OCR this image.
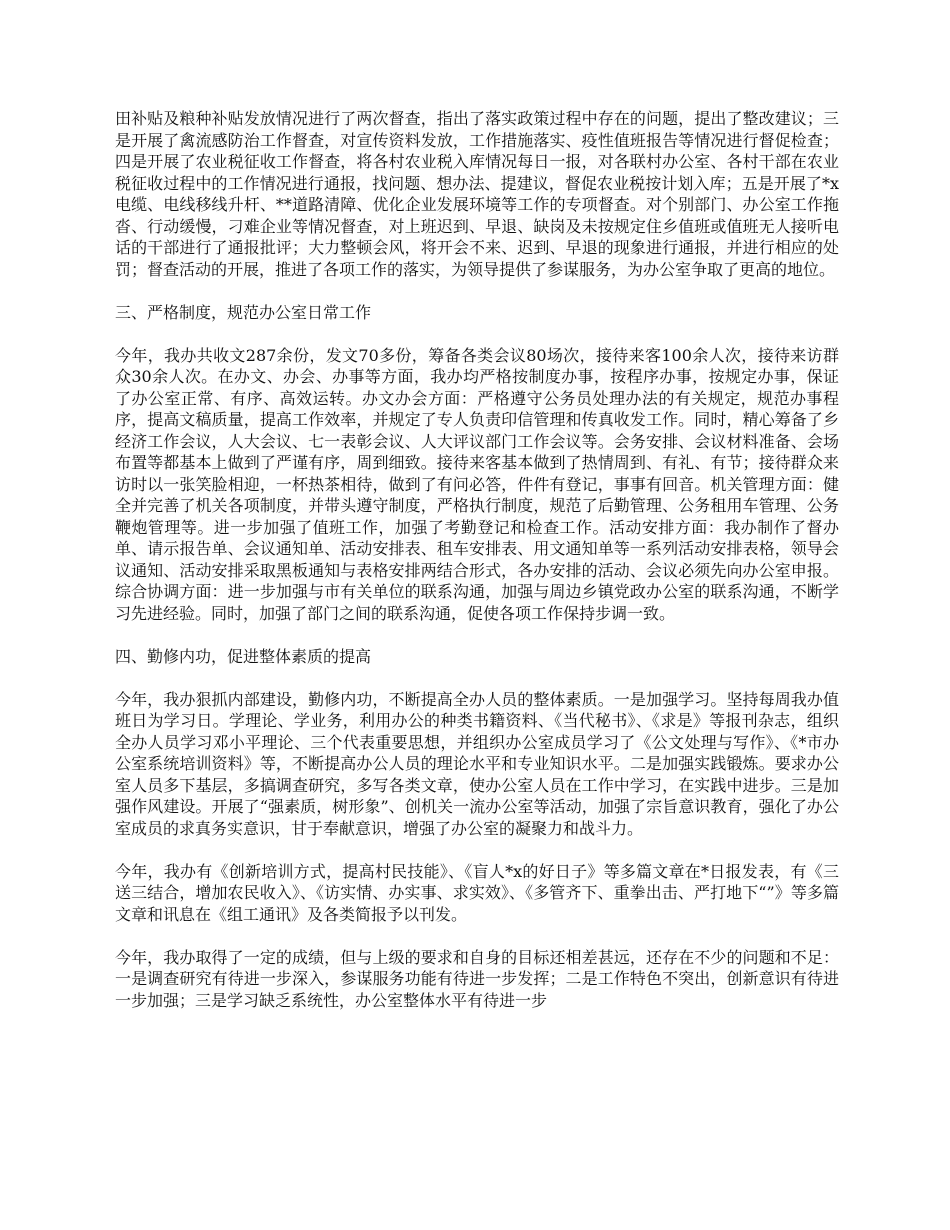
田补贴及粮种补贴发放情况进行了两次督查，指出了落实政策过程中存在的问题，提出了整改建议；三是开展了禽流感防治工作督查，对宣传资料发放，工作措施落实、疫性值班报告等情况进行督促检查；四是开展了农业税征收工作督查，将各村农业税入库情况每日一报，对各联村办公室、各村干部在农业税征收过程中的工作情况进行通报，找问题、想办法、提建议，督促农业税按计划入库；五是开展了*x电缆、电线移线升杆、**道路清障、优化企业发展环境等工作的专项督查。对个别部门、办公室工作拖沓、行动缓慢，刁难企业等情况督查，对上班迟到、早退、缺岗及未按规定住乡值班或值班无人接听电话的干部进行了通报批评；大力整顿会风，将开会不来、迟到、早退的现象进行通报，并进行相应的处罚；督查活动的开展，推进了各项工作的落实，为领导提供了参谋服务，为办公室争取了更高的地位。

三、严格制度，规范办公室日常工作

今年，我办共收文287余份，发文70多份，筹备各类会议80场次，接待来客100余人次，接待来访群众30余人次。在办文、办会、办事等方面，我办均严格按制度办事，按程序办事，按规定办事，保证了办公室正常、有序、高效运转。办文办会方面：严格遵守公务员处理办法的有关规定，规范办事程序，提高文稿质量，提高工作效率，并规定了专人负责印信管理和传真收发工作。同时，精心筹备了乡经济工作会议，人大会议、七一表彰会议、人大评议部门工作会议等。会务安排、会议材料准备、会场布置等都基本上做到了严谨有序，周到细致。接待来客基本做到了热情周到、有礼、有节；接待群众来访时以一张笑脸相迎，一杯热茶相待，做到了有问必答，件件有登记，事事有回音。机关管理方面：健全并完善了机关各项制度，并带头遵守制度，严格执行制度，规范了后勤管理、公务租用车管理、公务鞭炮管理等。进一步加强了值班工作，加强了考勤登记和检查工作。活动安排方面：我办制作了督办单、请示报告单、会议通知单、活动安排表、租车安排表、用文通知单等一系列活动安排表格，领导会议通知、活动安排采取黑板通知与表格安排两结合形式，各办安排的活动、会议必须先向办公室申报。综合协调方面：进一步加强与市有关单位的联系沟通，加强与周边乡镇党政办公室的联系沟通，不断学习先进经验。同时，加强了部门之间的联系沟通，促使各项工作保持步调一致。

四、勤修内功，促进整体素质的提高

今年，我办狠抓内部建设，勤修内功，不断提高全办人员的整体素质。一是加强学习。坚持每周我办值班日为学习日。学理论、学业务，利用办公的种类书籍资料、《当代秘书》、《求是》等报刊杂志，组织全办人员学习邓小平理论、三个代表重要思想，并组织办公室成员学习了《公文处理与写作》、《*市办公室系统培训资料》等，不断提高办公人员的理论水平和专业知识水平。二是加强实践锻炼。要求办公室人员多下基层，多搞调查研究，多写各类文章，使办公室人员在工作中学习，在实践中进步。三是加强作风建设。开展了“强素质，树形象”、创机关一流办公室等活动，加强了宗旨意识教育，强化了办公室成员的求真务实意识，甘于奉献意识，增强了办公室的凝聚力和战斗力。

今年，我办有《创新培训方式，提高村民技能》、《盲人*x的好日子》等多篇文章在*日报发表，有《三送三结合，增加农民收入》、《访实情、办实事、求实效》、《多管齐下、重拳出击、严打地下“”》等多篇文章和讯息在《组工通讯》及各类简报予以刊发。

今年，我办取得了一定的成绩，但与上级的要求和自身的目标还相差甚远，还存在不少的问题和不足：一是调查研究有待进一步深入，参谋服务功能有待进一步发挥；二是工作特色不突出，创新意识有待进一步加强；三是学习缺乏系统性，办公室整体水平有待进一步
